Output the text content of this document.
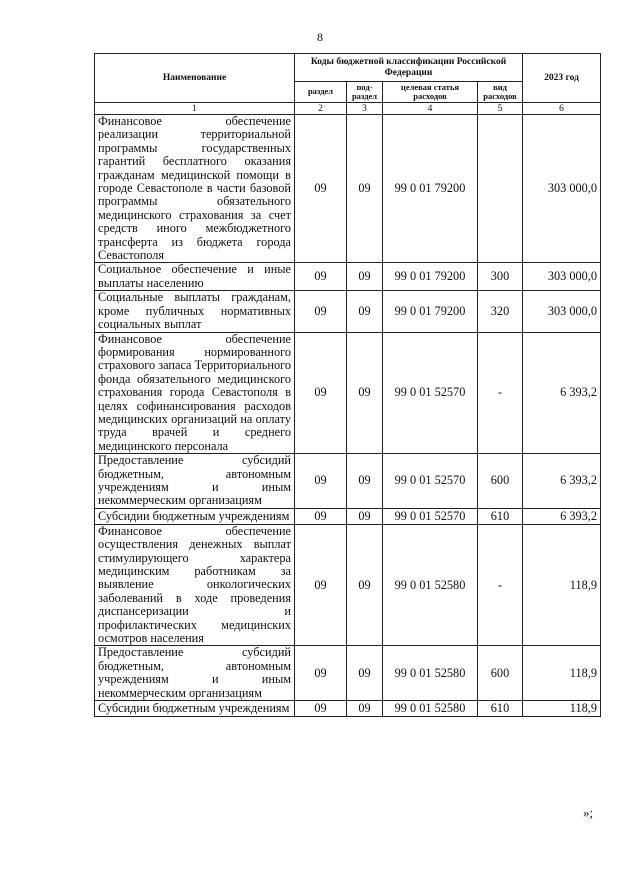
8
Наименование	Коды бюджетной классификации Российской Федерации				2023 год
	раздел	под-раздел	целевая статья расходов	вид расходов	
1	2	3	4	5	6
Финансовое обеспечение реализации территориальной программы государственных гарантий бесплатного оказания гражданам медицинской помощи в городе Севастополе в части базовой программы обязательного медицинского страхования за счет средств иного межбюджетного трансферта из бюджета города Севастополя	09	09	99 0 01 79200		303 000,0
Социальное обеспечение и иные выплаты населению	09	09	99 0 01 79200	300	303 000,0
Социальные выплаты гражданам, кроме публичных нормативных социальных выплат	09	09	99 0 01 79200	320	303 000,0
Финансовое обеспечение формирования нормированного страхового запаса Территориального фонда обязательного медицинского страхования города Севастополя в целях софинансирования расходов медицинских организаций на оплату труда врачей и среднего медицинского персонала	09	09	99 0 01 52570	-	6 393,2
Предоставление субсидий бюджетным, автономным учреждениям и иным некоммерческим организациям	09	09	99 0 01 52570	600	6 393,2
Субсидии бюджетным учреждениям	09	09	99 0 01 52570	610	6 393,2
Финансовое обеспечение осуществления денежных выплат стимулирующего характера медицинским работникам за выявление онкологических заболеваний в ходе проведения диспансеризации и профилактических медицинских осмотров населения	09	09	99 0 01 52580	-	118,9
Предоставление субсидий бюджетным, автономным учреждениям и иным некоммерческим организациям	09	09	99 0 01 52580	600	118,9
Субсидии бюджетным учреждениям	09	09	99 0 01 52580	610	118,9
»;
